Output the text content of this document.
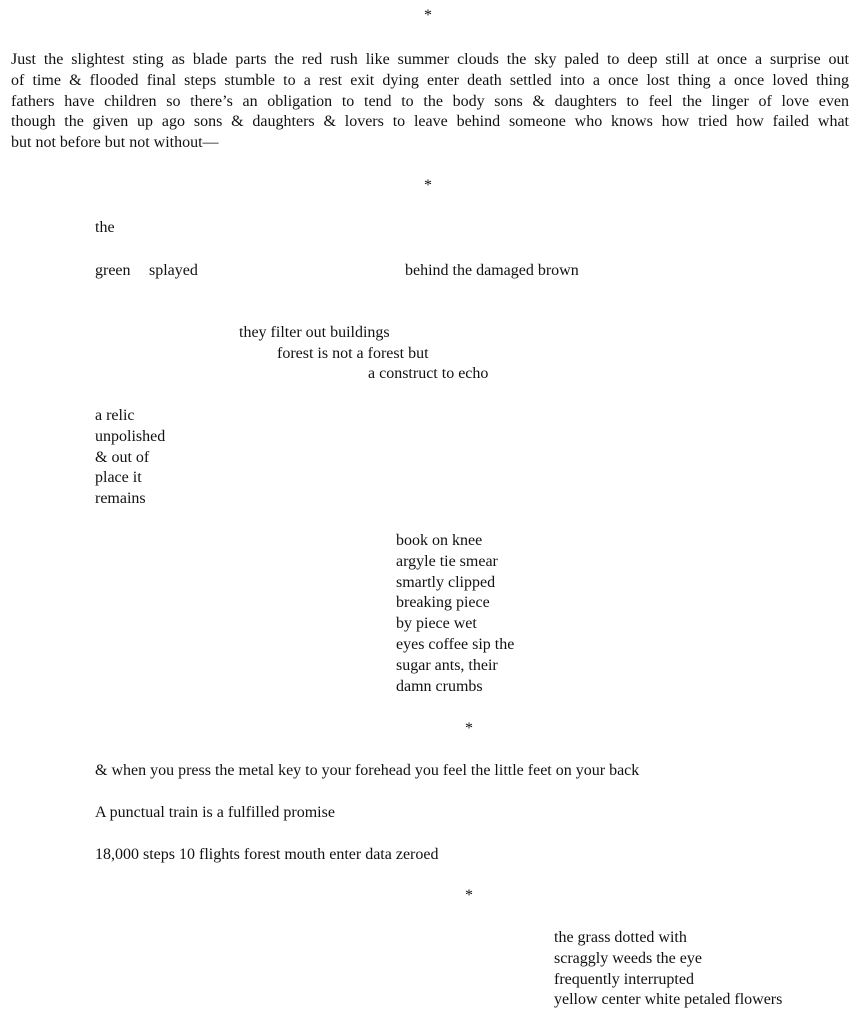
*
Just the slightest sting as blade parts the red rush like summer clouds the sky paled to deep still at once a surprise out
of time & flooded final steps stumble to a rest exit dying enter death settled into a once lost thing a once loved thing
fathers have children so there’s an obligation to tend to the body sons & daughters to feel the linger of love even
though the given up ago sons & daughters & lovers to leave behind someone who knows how tried how failed what
but not before but not without—
*
the
green splayed	behind the damaged brown
they filter out buildings
forest is not a forest but
a construct to echo
a relic
unpolished
& out of
place it
remains
book on knee
argyle tie smear
smartly clipped
breaking piece
by piece wet
eyes coffee sip the
sugar ants, their
damn crumbs
*
& when you press the metal key to your forehead you feel the little feet on your back
A punctual train is a fulfilled promise
18,000 steps 10 flights forest mouth enter data zeroed
*
the grass dotted with
scraggly weeds the eye
frequently interrupted
yellow center white petaled flowers
